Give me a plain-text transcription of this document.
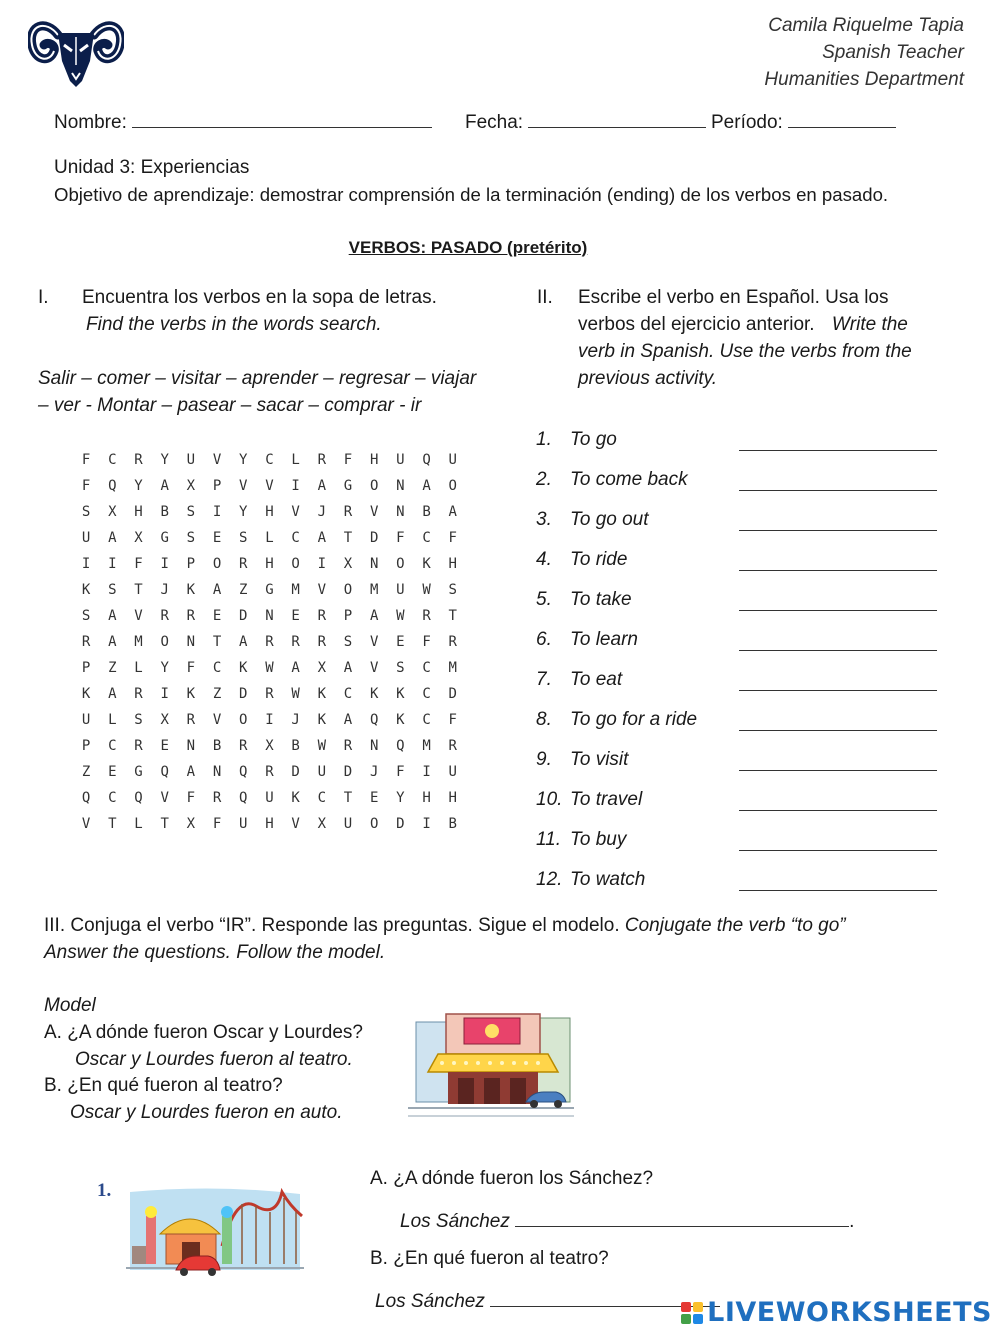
Camila Riquelme Tapia
Spanish Teacher
Humanities Department
Nombre:	Fecha:	Período:
Unidad 3: Experiencias
Objetivo de aprendizaje: demostrar comprensión de la terminación (ending) de los verbos en pasado.
VERBOS: PASADO (pretérito)
I. Encuentra los verbos en la sopa de letras.
Find the verbs in the words search.
Salir – comer – visitar – aprender – regresar – viajar
– ver - Montar – pasear – sacar – comprar - ir
F	C	R	Y	U	V	Y	C	L	R	F	H	U	Q	U
F	Q	Y	A	X	P	V	V	I	A	G	O	N	A	O
S	X	H	B	S	I	Y	H	V	J	R	V	N	B	A
U	A	X	G	S	E	S	L	C	A	T	D	F	C	F
I	I	F	I	P	O	R	H	O	I	X	N	O	K	H
K	S	T	J	K	A	Z	G	M	V	O	M	U	W	S
S	A	V	R	R	E	D	N	E	R	P	A	W	R	T
R	A	M	O	N	T	A	R	R	R	S	V	E	F	R
P	Z	L	Y	F	C	K	W	A	X	A	V	S	C	M
K	A	R	I	K	Z	D	R	W	K	C	K	K	C	D
U	L	S	X	R	V	O	I	J	K	A	Q	K	C	F
P	C	R	E	N	B	R	X	B	W	R	N	Q	M	R
Z	E	G	Q	A	N	Q	R	D	U	D	J	F	I	U
Q	C	Q	V	F	R	Q	U	K	C	T	E	Y	H	H
V	T	L	T	X	F	U	H	V	X	U	O	D	I	B
II. Escribe el verbo en Español. Usa los
verbos del ejercicio anterior. Write the
verb in Spanish. Use the verbs from the
previous activity.
1. To go
2. To come back
3. To go out
4. To ride
5. To take
6. To learn
7. To eat
8. To go for a ride
9. To visit
10. To travel
11. To buy
12. To watch
III. Conjuga el verbo “IR”. Responde las preguntas. Sigue el modelo. Conjugate the verb “to go”
Answer the questions. Follow the model.
Model
A. ¿A dónde fueron Oscar y Lourdes?
Oscar y Lourdes fueron al teatro.
B. ¿En qué fueron al teatro?
Oscar y Lourdes fueron en auto.
1.
A. ¿A dónde fueron los Sánchez?
Los Sánchez	.
B. ¿En qué fueron al teatro?
Los Sánchez	LIVEWORKSHEETS
